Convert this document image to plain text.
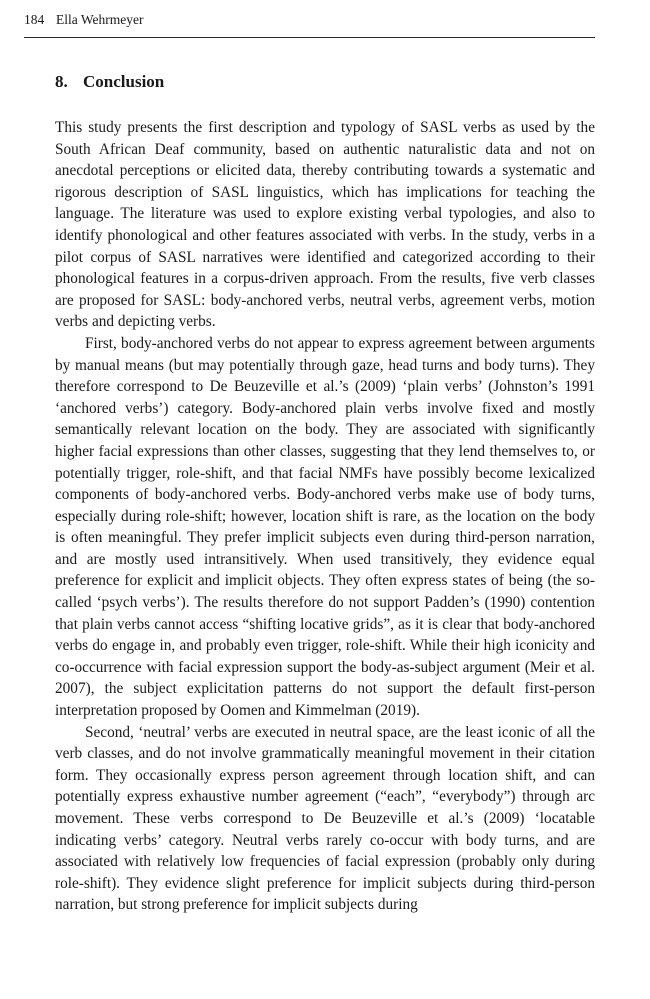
184 Ella Wehrmeyer
8. Conclusion

This study presents the first description and typology of SASL verbs as used by the South African Deaf community, based on authentic naturalistic data and not on anecdotal perceptions or elicited data, thereby contributing towards a systematic and rigorous description of SASL linguistics, which has implications for teaching the language. The literature was used to explore existing verbal typologies, and also to identify phonological and other features associated with verbs. In the study, verbs in a pilot corpus of SASL narratives were identified and categorized according to their phonological features in a corpus-driven approach. From the results, five verb classes are proposed for SASL: body-anchored verbs, neutral verbs, agreement verbs, motion verbs and depicting verbs.

First, body-anchored verbs do not appear to express agreement between arguments by manual means (but may potentially through gaze, head turns and body turns). They therefore correspond to De Beuzeville et al.’s (2009) ‘plain verbs’ (Johnston’s 1991 ‘anchored verbs’) category. Body-anchored plain verbs involve fixed and mostly semantically relevant location on the body. They are associated with significantly higher facial expressions than other classes, suggesting that they lend themselves to, or potentially trigger, role-shift, and that facial NMFs have possibly become lexicalized components of body-anchored verbs. Body-anchored verbs make use of body turns, especially during role-shift; however, location shift is rare, as the location on the body is often meaningful. They prefer implicit subjects even during third-person narration, and are mostly used intransitively. When used transitively, they evidence equal preference for explicit and implicit objects. They often express states of being (the so-called ‘psych verbs’). The results therefore do not support Padden’s (1990) contention that plain verbs cannot access “shifting locative grids”, as it is clear that body-anchored verbs do engage in, and probably even trigger, role-shift. While their high iconicity and co-occurrence with facial expression support the body-as-subject argument (Meir et al. 2007), the subject explicitation patterns do not support the default first-person interpretation proposed by Oomen and Kimmelman (2019).

Second, ‘neutral’ verbs are executed in neutral space, are the least iconic of all the verb classes, and do not involve grammatically meaningful movement in their citation form. They occasionally express person agreement through location shift, and can potentially express exhaustive number agreement (“each”, “everybody”) through arc movement. These verbs correspond to De Beuzeville et al.’s (2009) ‘locatable indicating verbs’ category. Neutral verbs rarely co-occur with body turns, and are associated with relatively low frequencies of facial expression (probably only during role-shift). They evidence slight preference for implicit subjects during third-person narration, but strong preference for implicit subjects during
